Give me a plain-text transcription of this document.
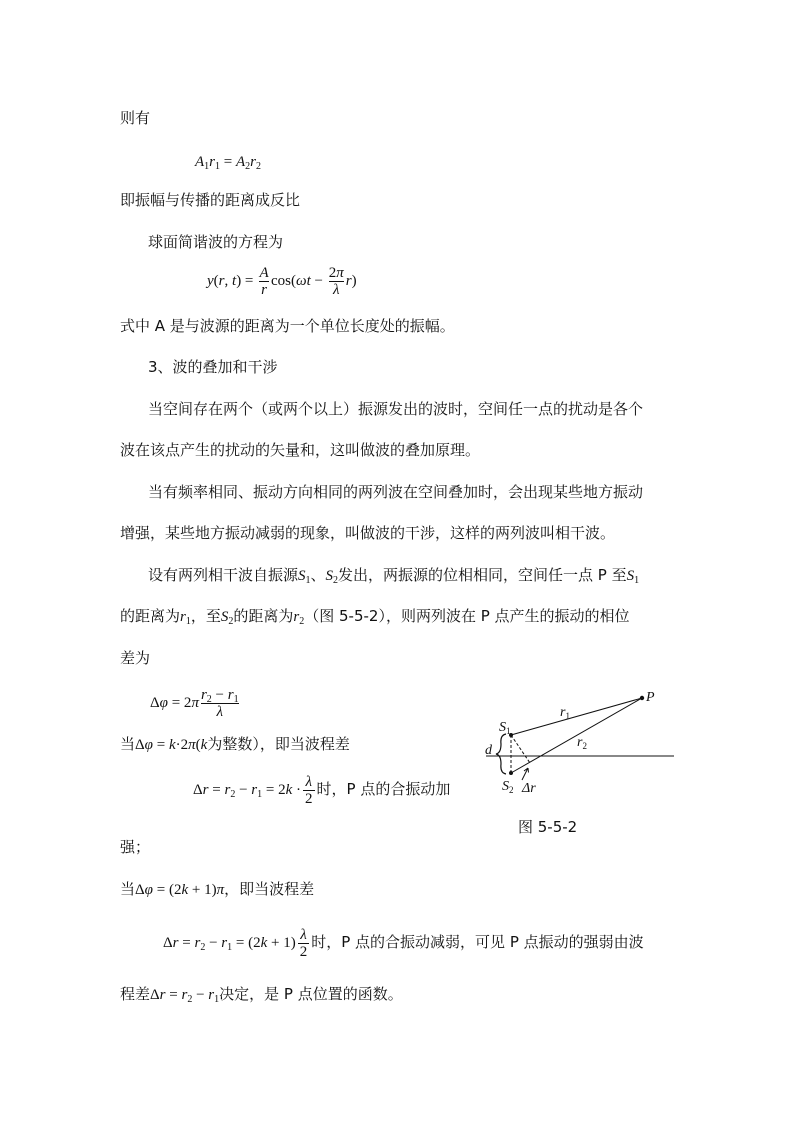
则有
$A_1r_1 = A_2r_2$
即振幅与传播的距离成反比
球面简谐波的方程为
y(r, $t) = \frac{A}{r} \cos(\omega t - \frac{2\pi}{\lambda} r)$
式中 A 是与波源的距离为一个单位长度处的振幅。
3、波的叠加和干涉
当空间存在两个（或两个以上）振源发出的波时，空间任一点的扰动是各个
波在该点产生的扰动的矢量和，这叫做波的叠加原理。
当有频率相同、振动方向相同的两列波在空间叠加时，会出现某些地方振动
增强，某些地方振动减弱的现象，叫做波的干涉，这样的两列波叫相干波。
设有两列相干波自振源$S_1$、$S_2$发出，两振源的位相相同，空间任一点 P 至$S_1$
的距离为$r_1$，至$S_2$的距离为$r_2$（图 5-5-2），则两列波在 P 点产生的振动的相位
差为
$\Delta\varphi = 2\pi \frac{r_2 - r_1}{\lambda}$
当Δφ = k·2π(k为整数），即当波程差
$\Delta r = r_2 - r_1 = 2k \cdot \frac{\lambda}{2}$ 时，P 点的合振动加
强；
当Δφ = (2k + 1)π，即当波程差
$\Delta r = r_2 - r_1 = (2k + 1) \frac{\lambda}{2}$ 时，P 点的合振动减弱，可见 P 点振动的强弱由波
程差$\Delta r = r_2 - r_1$决定，是 P 点位置的函数。
P
$S_1$
$S_2$
$r_1$
$r_2$
d
Δr
图 5-5-2
